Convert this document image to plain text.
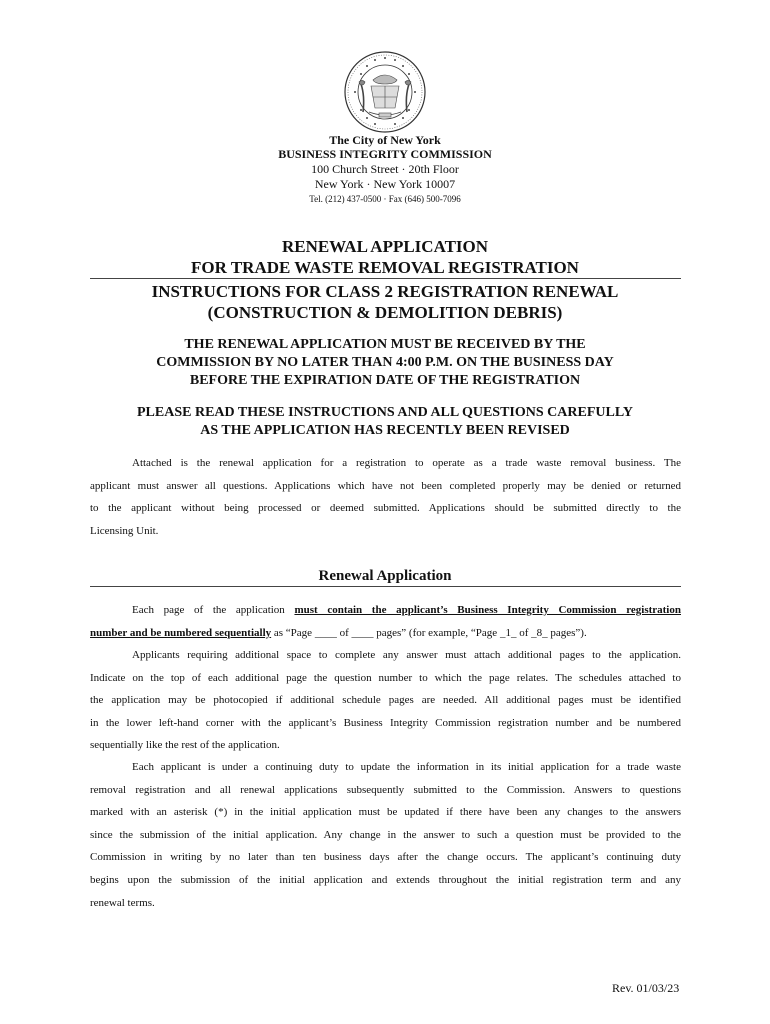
The City of New York
BUSINESS INTEGRITY COMMISSION
100 Church Street · 20th Floor
New York · New York 10007
Tel. (212) 437-0500 · Fax (646) 500-7096
RENEWAL APPLICATION
FOR TRADE WASTE REMOVAL REGISTRATION
INSTRUCTIONS FOR CLASS 2 REGISTRATION RENEWAL
(CONSTRUCTION & DEMOLITION DEBRIS)
THE RENEWAL APPLICATION MUST BE RECEIVED BY THE
COMMISSION BY NO LATER THAN 4:00 P.M. ON THE BUSINESS DAY
BEFORE THE EXPIRATION DATE OF THE REGISTRATION
PLEASE READ THESE INSTRUCTIONS AND ALL QUESTIONS CAREFULLY
AS THE APPLICATION HAS RECENTLY BEEN REVISED
Attached is the renewal application for a registration to operate as a trade waste removal business. The
applicant must answer all questions. Applications which have not been completed properly may be denied or returned
to the applicant without being processed or deemed submitted. Applications should be submitted directly to the
Licensing Unit.
Renewal Application
Each page of the application must contain the applicant’s Business Integrity Commission registration
number and be numbered sequentially as “Page ____ of ____ pages” (for example, “Page _1_ of _8_ pages”).
Applicants requiring additional space to complete any answer must attach additional pages to the application.
Indicate on the top of each additional page the question number to which the page relates. The schedules attached to
the application may be photocopied if additional schedule pages are needed. All additional pages must be identified
in the lower left-hand corner with the applicant’s Business Integrity Commission registration number and be numbered
sequentially like the rest of the application.
Each applicant is under a continuing duty to update the information in its initial application for a trade waste
removal registration and all renewal applications subsequently submitted to the Commission. Answers to questions
marked with an asterisk (*) in the initial application must be updated if there have been any changes to the answers
since the submission of the initial application. Any change in the answer to such a question must be provided to the
Commission in writing by no later than ten business days after the change occurs. The applicant’s continuing duty
begins upon the submission of the initial application and extends throughout the initial registration term and any
renewal terms.
Rev. 01/03/23
